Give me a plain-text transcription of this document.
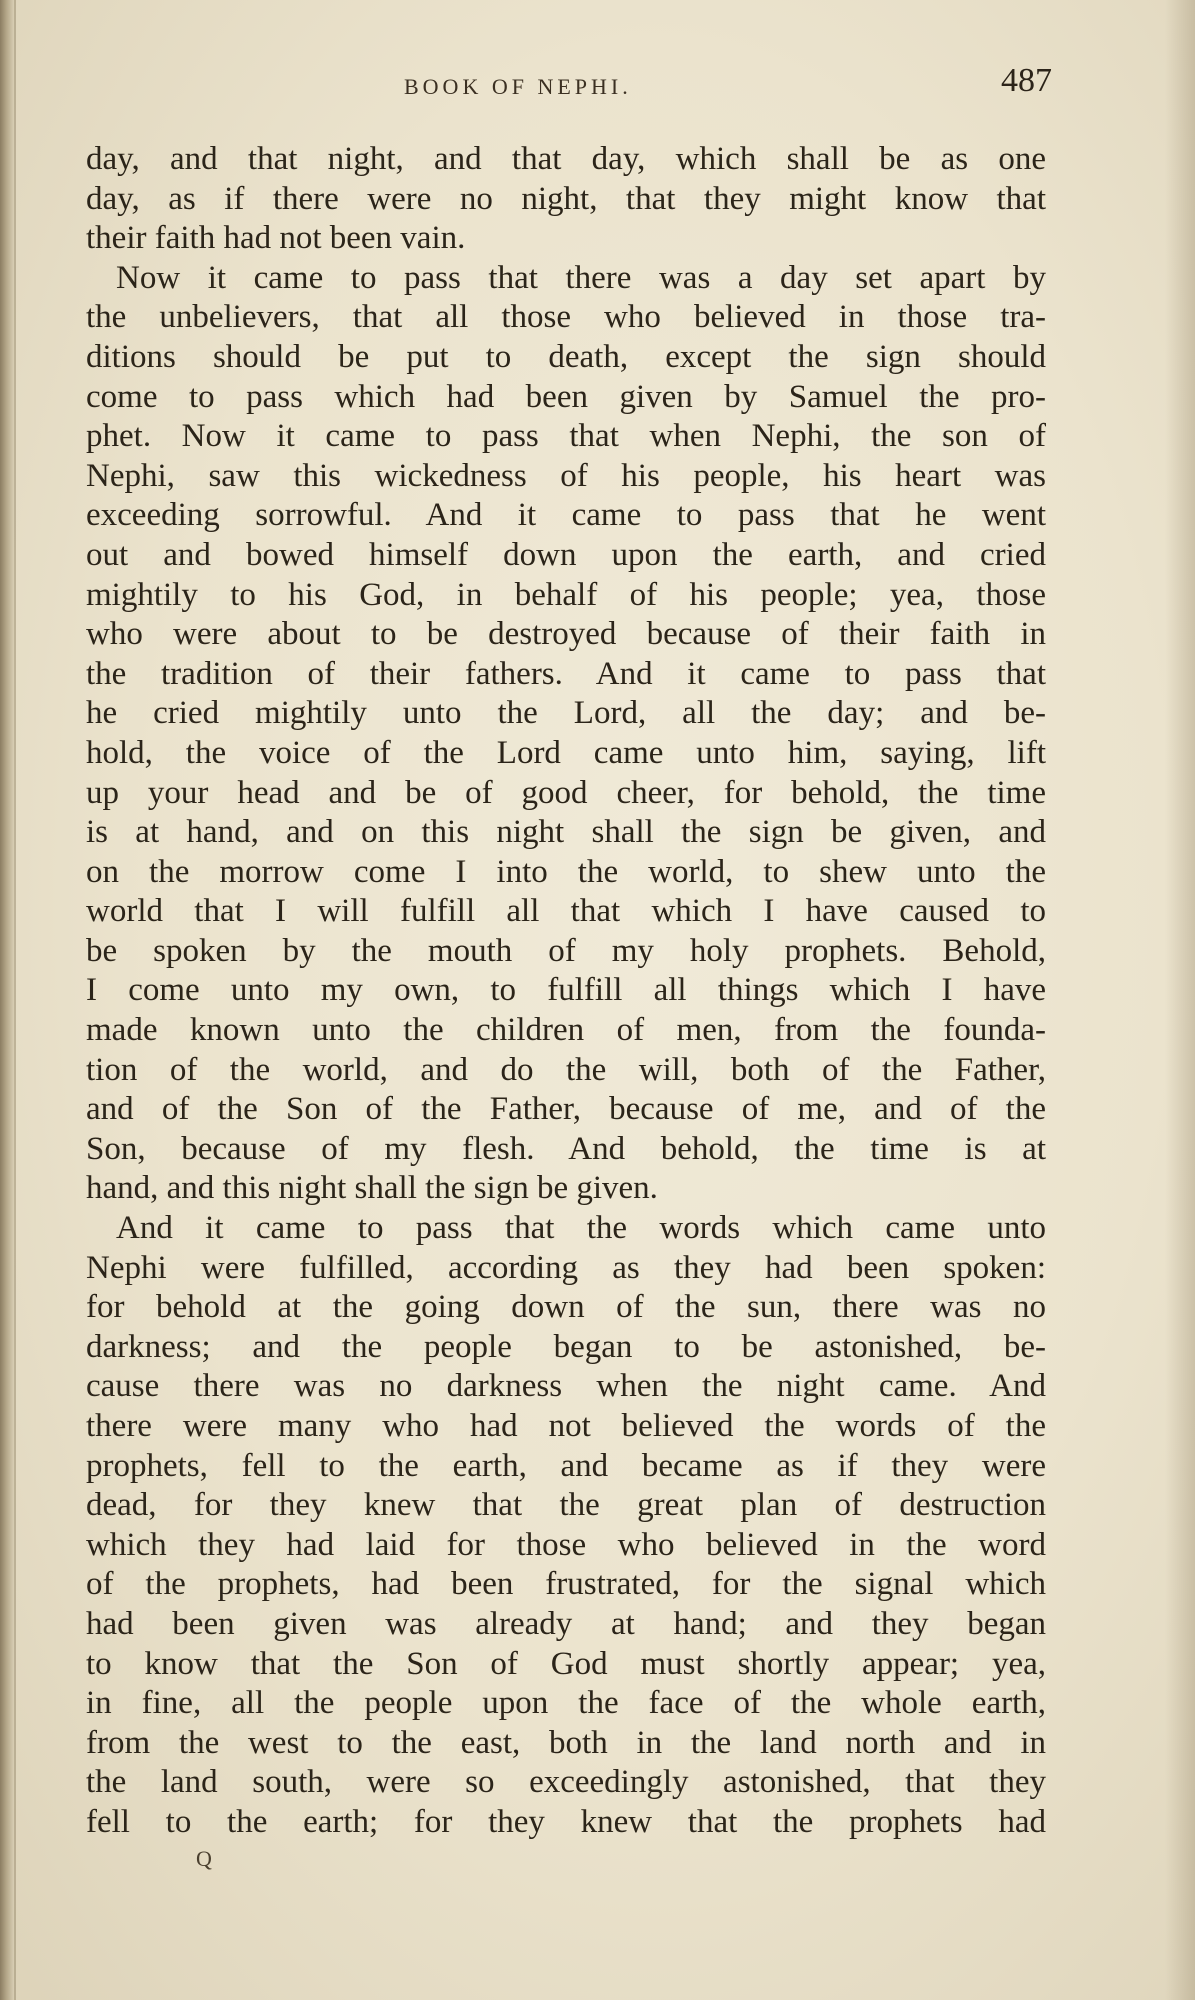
BOOK OF NEPHI.	487
day, and that night, and that day, which shall be as one
day, as if there were no night, that they might know that
their faith had not been vain.
Now it came to pass that there was a day set apart by
the unbelievers, that all those who believed in those tra-
ditions should be put to death, except the sign should
come to pass which had been given by Samuel the pro-
phet. Now it came to pass that when Nephi, the son of
Nephi, saw this wickedness of his people, his heart was
exceeding sorrowful. And it came to pass that he went
out and bowed himself down upon the earth, and cried
mightily to his God, in behalf of his people; yea, those
who were about to be destroyed because of their faith in
the tradition of their fathers. And it came to pass that
he cried mightily unto the Lord, all the day; and be-
hold, the voice of the Lord came unto him, saying, lift
up your head and be of good cheer, for behold, the time
is at hand, and on this night shall the sign be given, and
on the morrow come I into the world, to shew unto the
world that I will fulfill all that which I have caused to
be spoken by the mouth of my holy prophets. Behold,
I come unto my own, to fulfill all things which I have
made known unto the children of men, from the founda-
tion of the world, and do the will, both of the Father,
and of the Son of the Father, because of me, and of the
Son, because of my flesh. And behold, the time is at
hand, and this night shall the sign be given.
And it came to pass that the words which came unto
Nephi were fulfilled, according as they had been spoken:
for behold at the going down of the sun, there was no
darkness; and the people began to be astonished, be-
cause there was no darkness when the night came. And
there were many who had not believed the words of the
prophets, fell to the earth, and became as if they were
dead, for they knew that the great plan of destruction
which they had laid for those who believed in the word
of the prophets, had been frustrated, for the signal which
had been given was already at hand; and they began
to know that the Son of God must shortly appear; yea,
in fine, all the people upon the face of the whole earth,
from the west to the east, both in the land north and in
the land south, were so exceedingly astonished, that they
fell to the earth; for they knew that the prophets had
Q
